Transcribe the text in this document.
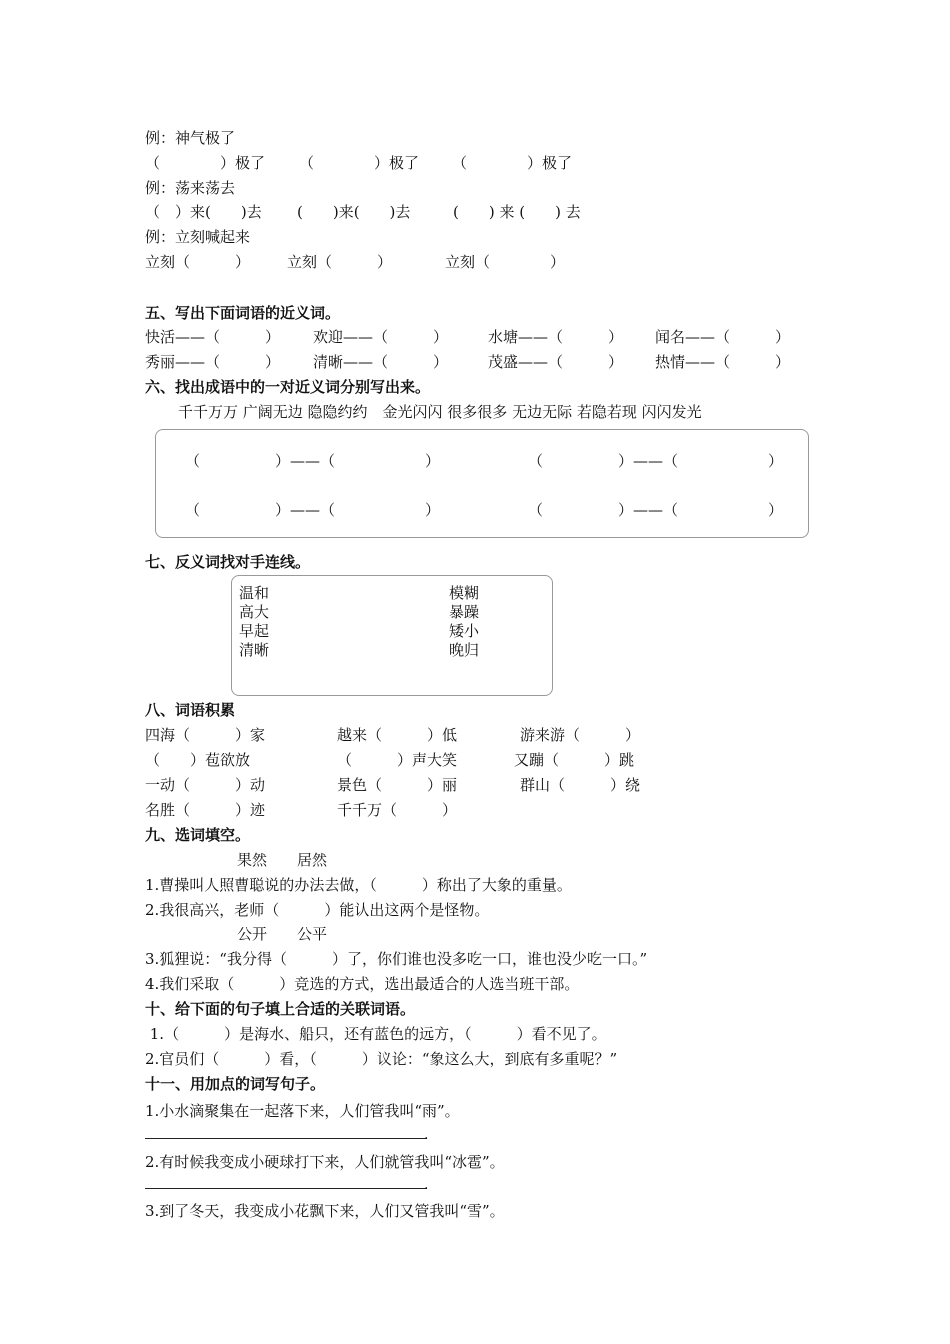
例：神气极了
（　　　　）极了 （　　　　）极了 （　　　　）极了
例：荡来荡去
（　）来(　　)去 (　　)来(　　)去	(　　) 来 (　　) 去
例：立刻喊起来
立刻（　　　） 立刻（　　　）	立刻（　　　　）
五、写出下面词语的近义词。
快活——（　　　） 欢迎——（　　　）	水塘——（　　　） 闻名——（　　　）
秀丽——（　　　） 清晰——（　　　）	茂盛——（　　　） 热情——（　　　）
六、找出成语中的一对近义词分别写出来。
千千万万 广阔无边 隐隐约约　金光闪闪 很多很多 无边无际 若隐若现 闪闪发光
（　　　　　）——（　　　　　　）	（　　　　　）——（　　　　　　）
（　　　　　）——（　　　　　　）	（　　　　　）——（　　　　　　）
七、反义词找对手连线。
温和
高大
早起
清晰
模糊
暴躁
矮小
晚归
八、词语积累
四海（　　　）家	越来（　　　）低	游来游（　　　）
（　　）苞欲放	（　　　）声大笑	又蹦（　　　）跳
一动（　　　）动	景色（　　　）丽	群山（　　　）绕
名胜（　　　）迹	千千万（　　　）
九、选词填空。
果然　　居然
1.曹操叫人照曹聪说的办法去做，（　　　）称出了大象的重量。
2.我很高兴，老师（　　　）能认出这两个是怪物。
公开　　公平
3.狐狸说：“我分得（　　　）了，你们谁也没多吃一口，谁也没少吃一口。”
4.我们采取（　　　）竞选的方式，选出最适合的人选当班干部。
十、给下面的句子填上合适的关联词语。
1.（　　　）是海水、船只，还有蓝色的远方，（　　　）看不见了。
2.官员们（　　　）看，（　　　）议论：“象这么大，到底有多重呢？”
十一、用加点的词写句子。
1.小水滴聚集在一起落下来，人们管我叫“雨”。
.
2.有时候我变成小硬球打下来，人们就管我叫“冰雹”。
.
3.到了冬天，我变成小花飘下来，人们又管我叫“雪”。
